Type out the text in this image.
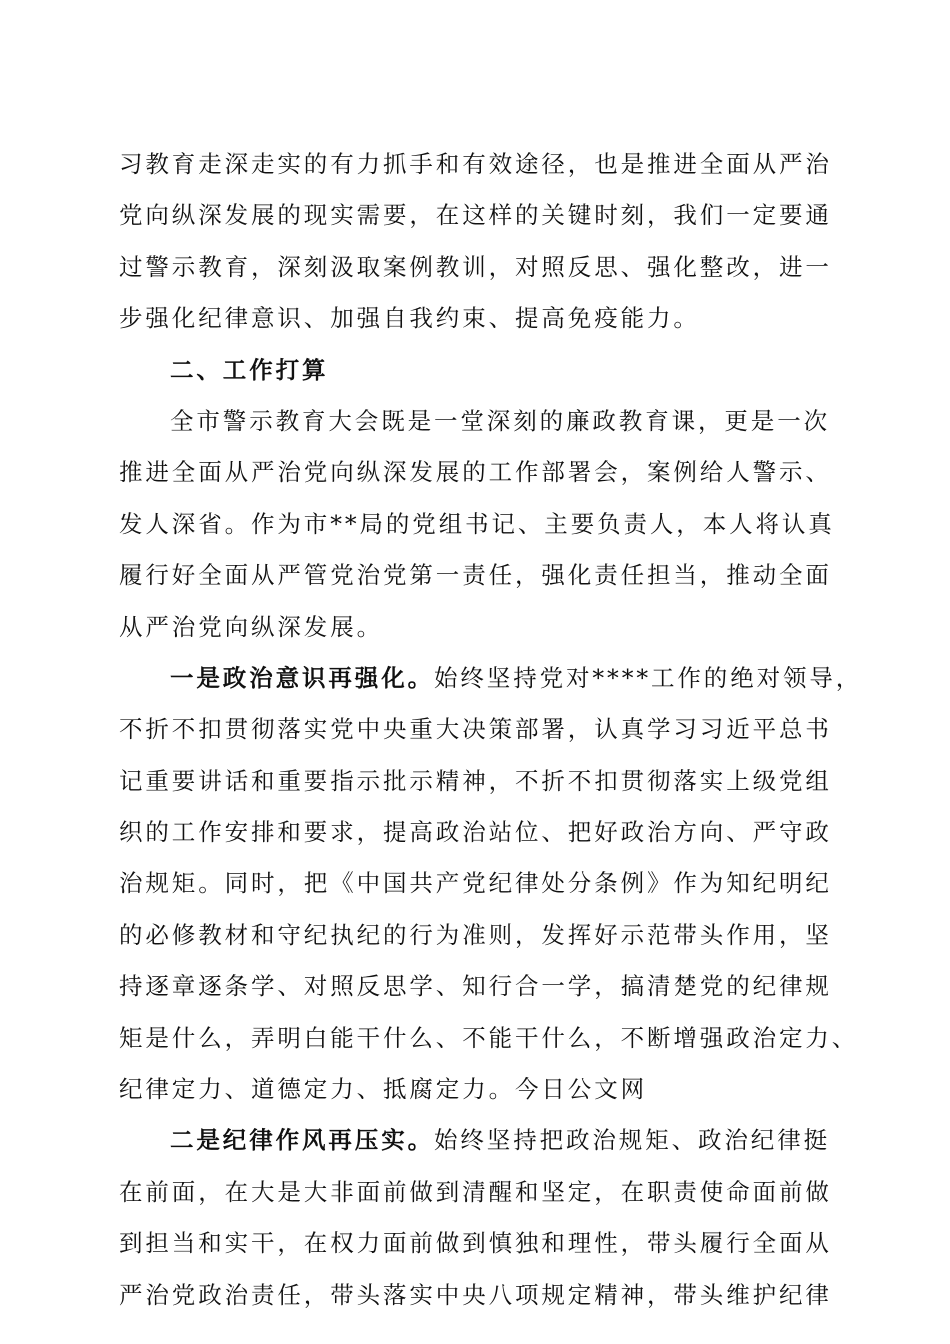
习教育走深走实的有力抓手和有效途径，也是推进全面从严治
党向纵深发展的现实需要，在这样的关键时刻，我们一定要通
过警示教育，深刻汲取案例教训，对照反思、强化整改，进一
步强化纪律意识、加强自我约束、提高免疫能力。
二、工作打算
全市警示教育大会既是一堂深刻的廉政教育课，更是一次
推进全面从严治党向纵深发展的工作部署会，案例给人警示、
发人深省。作为市**局的党组书记、主要负责人，本人将认真
履行好全面从严管党治党第一责任，强化责任担当，推动全面
从严治党向纵深发展。
一是政治意识再强化。始终坚持党对****工作的绝对领导，
不折不扣贯彻落实党中央重大决策部署，认真学习习近平总书
记重要讲话和重要指示批示精神，不折不扣贯彻落实上级党组
织的工作安排和要求，提高政治站位、把好政治方向、严守政
治规矩。同时，把《中国共产党纪律处分条例》作为知纪明纪
的必修教材和守纪执纪的行为准则，发挥好示范带头作用，坚
持逐章逐条学、对照反思学、知行合一学，搞清楚党的纪律规
矩是什么，弄明白能干什么、不能干什么，不断增强政治定力、
纪律定力、道德定力、抵腐定力。今日公文网
二是纪律作风再压实。始终坚持把政治规矩、政治纪律挺
在前面，在大是大非面前做到清醒和坚定，在职责使命面前做
到担当和实干，在权力面前做到慎独和理性，带头履行全面从
严治党政治责任，带头落实中央八项规定精神，带头维护纪律
